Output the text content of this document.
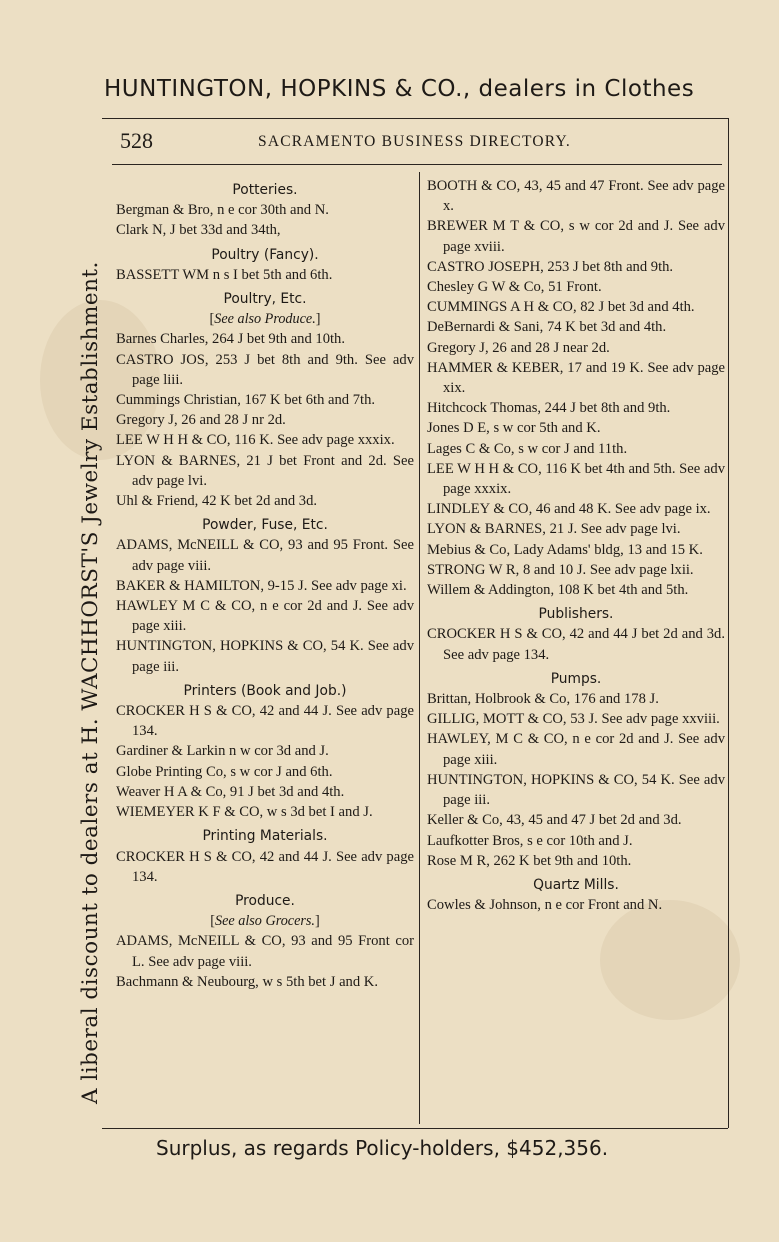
HUNTINGTON, HOPKINS & CO., dealers in Clothes
A liberal discount to dealers at H. WACHHORST'S Jewelry Establishment.
528	SACRAMENTO BUSINESS DIRECTORY.
Potteries.
Bergman & Bro, n e cor 30th and N.
Clark N, J bet 33d and 34th,
Poultry (Fancy).
BASSETT WM n s I bet 5th and 6th.
Poultry, Etc.
[See also Produce.]
Barnes Charles, 264 J bet 9th and 10th.
CASTRO JOS, 253 J bet 8th and 9th. See adv page liii.
Cummings Christian, 167 K bet 6th and 7th.
Gregory J, 26 and 28 J nr 2d.
LEE W H H & CO, 116 K. See adv page xxxix.
LYON & BARNES, 21 J bet Front and 2d. See adv page lvi.
Uhl & Friend, 42 K bet 2d and 3d.
Powder, Fuse, Etc.
ADAMS, McNEILL & CO, 93 and 95 Front. See adv page viii.
BAKER & HAMILTON, 9-15 J. See adv page xi.
HAWLEY M C & CO, n e cor 2d and J. See adv page xiii.
HUNTINGTON, HOPKINS & CO, 54 K. See adv page iii.
Printers (Book and Job.)
CROCKER H S & CO, 42 and 44 J. See adv page 134.
Gardiner & Larkin n w cor 3d and J.
Globe Printing Co, s w cor J and 6th.
Weaver H A & Co, 91 J bet 3d and 4th.
WIEMEYER K F & CO, w s 3d bet I and J.
Printing Materials.
CROCKER H S & CO, 42 and 44 J. See adv page 134.
Produce.
[See also Grocers.]
ADAMS, McNEILL & CO, 93 and 95 Front cor L. See adv page viii.
Bachmann & Neubourg, w s 5th bet J and K.
BOOTH & CO, 43, 45 and 47 Front. See adv page x.
BREWER M T & CO, s w cor 2d and J. See adv page xviii.
CASTRO JOSEPH, 253 J bet 8th and 9th.
Chesley G W & Co, 51 Front.
CUMMINGS A H & CO, 82 J bet 3d and 4th.
DeBernardi & Sani, 74 K bet 3d and 4th.
Gregory J, 26 and 28 J near 2d.
HAMMER & KEBER, 17 and 19 K. See adv page xix.
Hitchcock Thomas, 244 J bet 8th and 9th.
Jones D E, s w cor 5th and K.
Lages C & Co, s w cor J and 11th.
LEE W H H & CO, 116 K bet 4th and 5th. See adv page xxxix.
LINDLEY & CO, 46 and 48 K. See adv page ix.
LYON & BARNES, 21 J. See adv page lvi.
Mebius & Co, Lady Adams' bldg, 13 and 15 K.
STRONG W R, 8 and 10 J. See adv page lxii.
Willem & Addington, 108 K bet 4th and 5th.
Publishers.
CROCKER H S & CO, 42 and 44 J bet 2d and 3d. See adv page 134.
Pumps.
Brittan, Holbrook & Co, 176 and 178 J.
GILLIG, MOTT & CO, 53 J. See adv page xxviii.
HAWLEY, M C & CO, n e cor 2d and J. See adv page xiii.
HUNTINGTON, HOPKINS & CO, 54 K. See adv page iii.
Keller & Co, 43, 45 and 47 J bet 2d and 3d.
Laufkotter Bros, s e cor 10th and J.
Rose M R, 262 K bet 9th and 10th.
Quartz Mills.
Cowles & Johnson, n e cor Front and N.
Surplus, as regards Policy-holders, $452,356.
